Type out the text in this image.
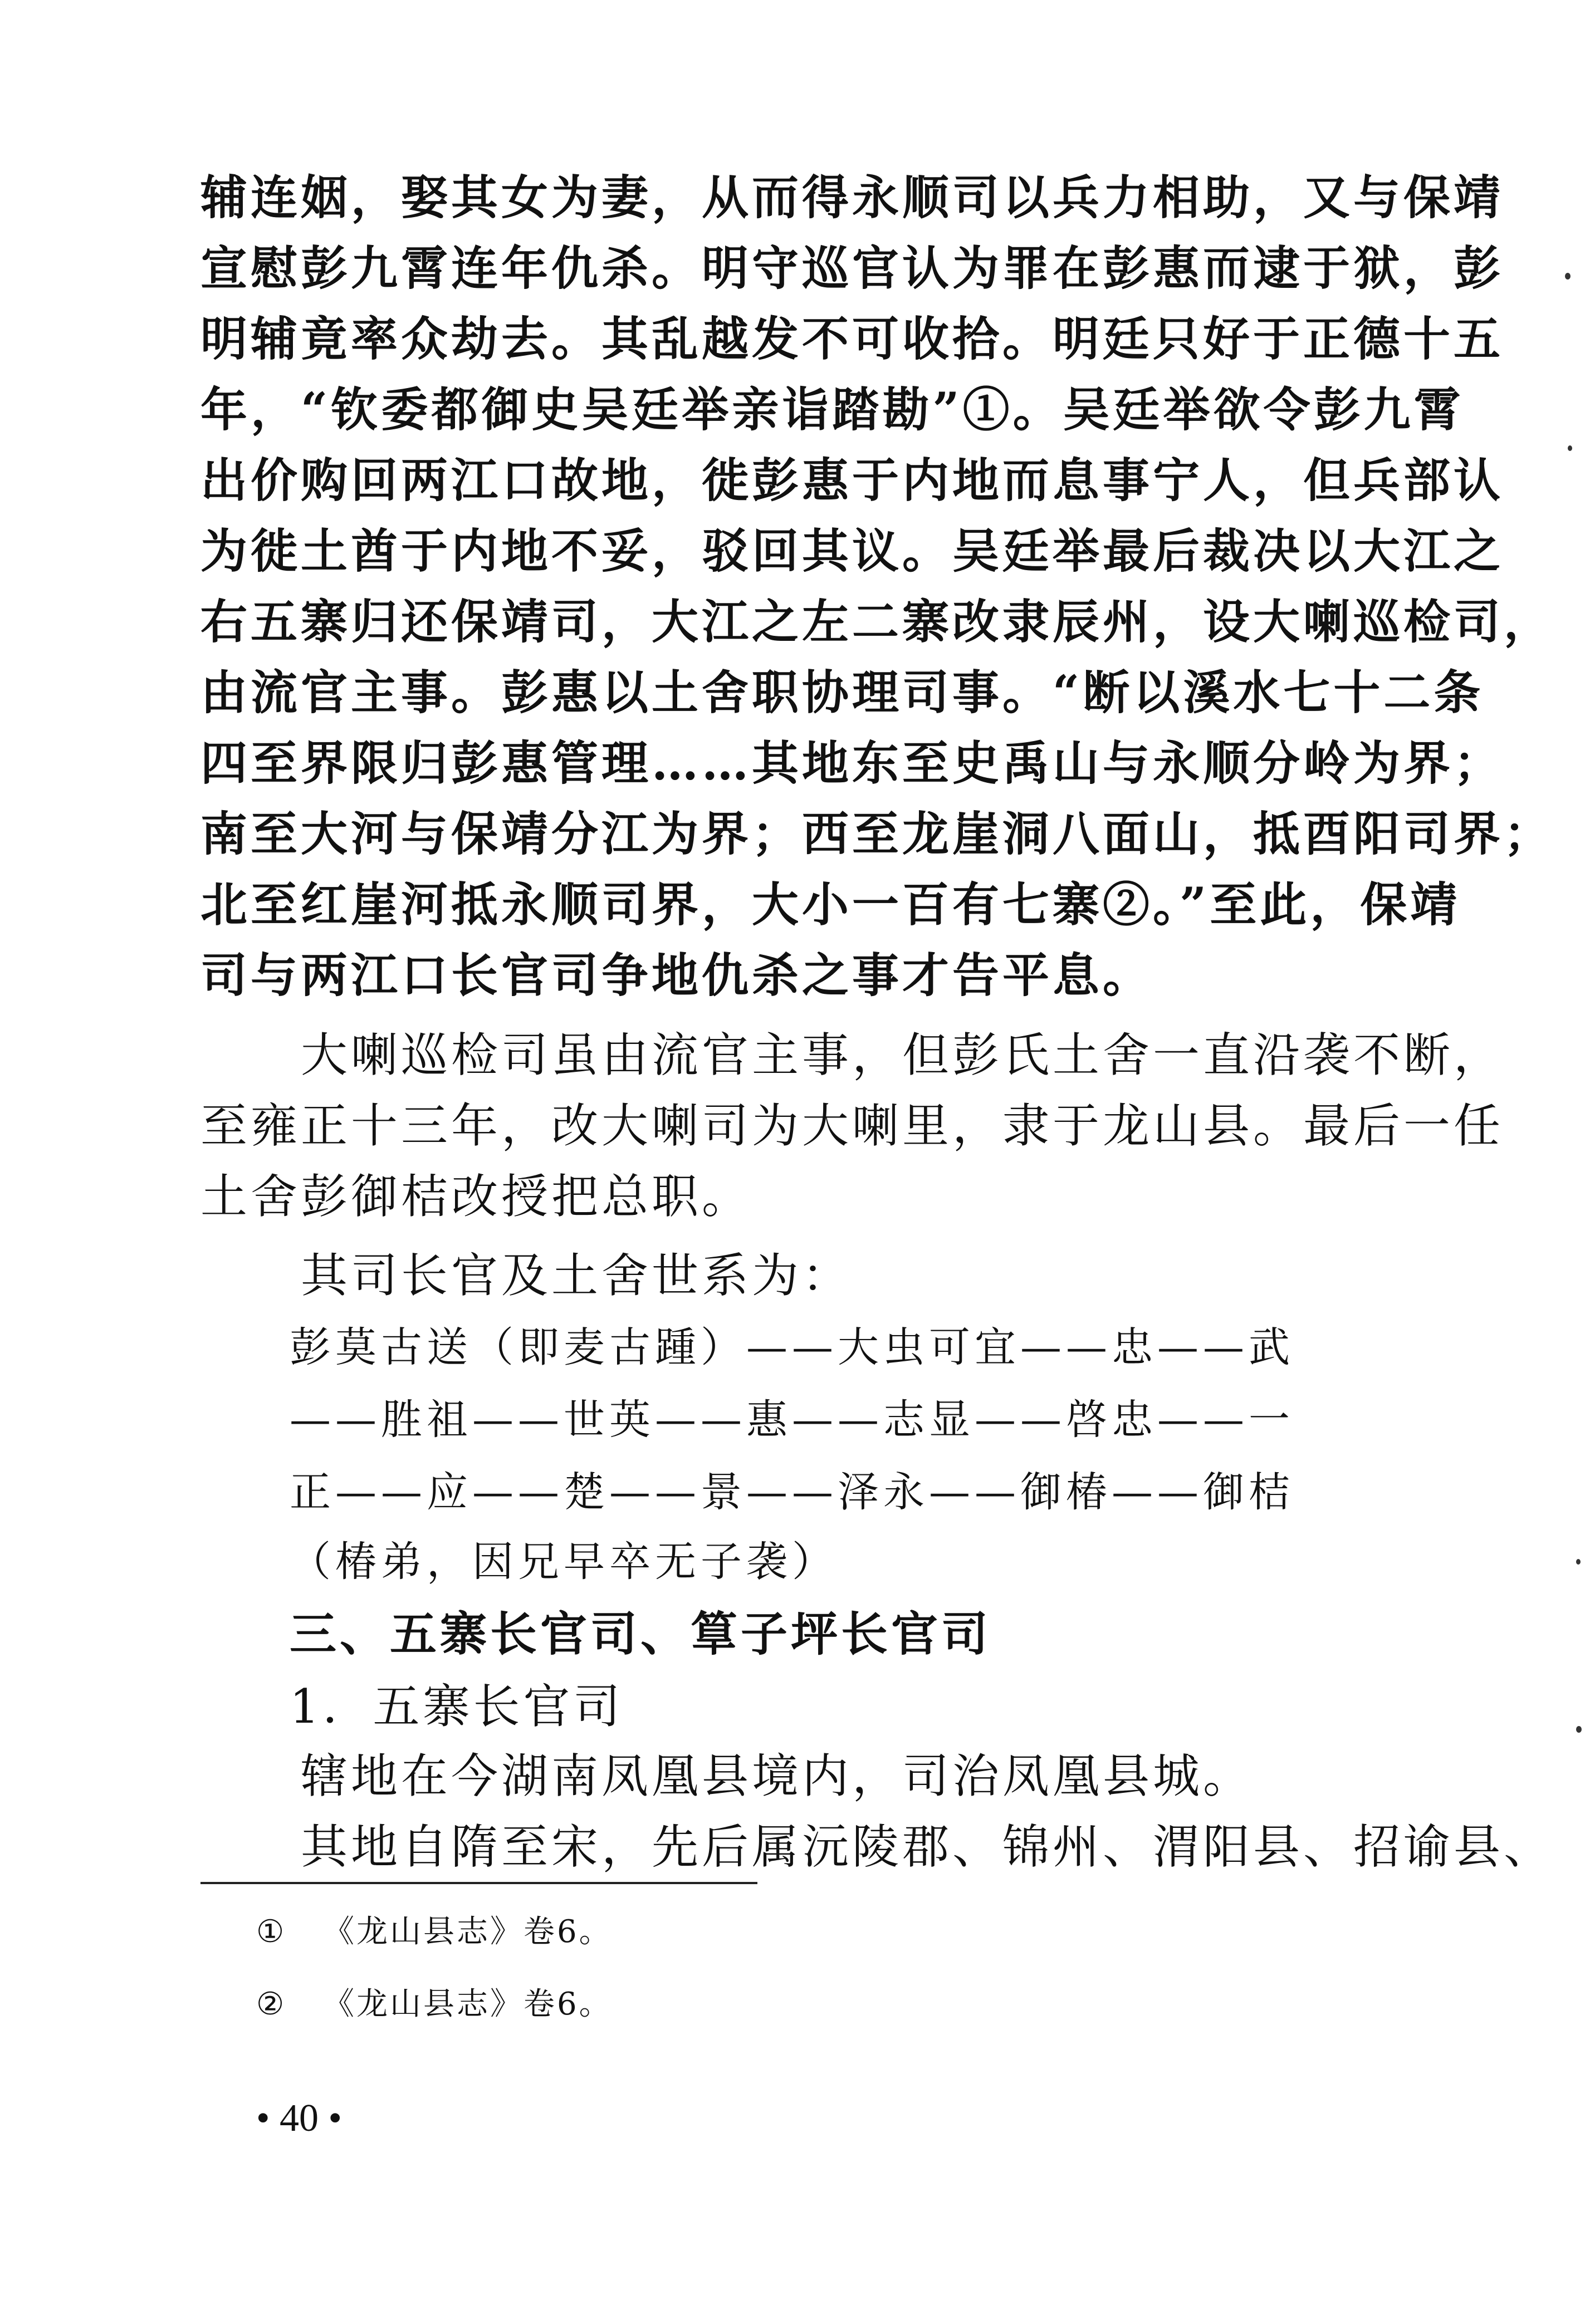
辅连姻，娶其女为妻，从而得永顺司以兵力相助，又与保靖
宣慰彭九霄连年仇杀。明守巡官认为罪在彭惠而逮于狱，彭
明辅竟率众劫去。其乱越发不可收拾。明廷只好于正德十五
年，“钦委都御史吴廷举亲诣踏勘”①。吴廷举欲令彭九霄
出价购回两江口故地，徙彭惠于内地而息事宁人，但兵部认
为徙土酋于内地不妥，驳回其议。吴廷举最后裁决以大江之
右五寨归还保靖司，大江之左二寨改隶辰州，设大喇巡检司，
由流官主事。彭惠以土舍职协理司事。“断以溪水七十二条
四至界限归彭惠管理……其地东至史禹山与永顺分岭为界；
南至大河与保靖分江为界；西至龙崖洞八面山，抵酉阳司界；
北至红崖河抵永顺司界，大小一百有七寨②。”至此，保靖
司与两江口长官司争地仇杀之事才告平息。
　　大喇巡检司虽由流官主事，但彭氏土舍一直沿袭不断，
至雍正十三年，改大喇司为大喇里，隶于龙山县。最后一任
土舍彭御桔改授把总职。
　　其司长官及土舍世系为：
彭莫古送（即麦古踵）——大虫可宜——忠——武
——胜祖——世英——惠——志显——啓忠——一
正——应——楚——景——泽永——御椿——御桔
（椿弟，因兄早卒无子袭）
三、五寨长官司、筸子坪长官司
1．五寨长官司
　　辖地在今湖南凤凰县境内，司治凤凰县城。
　　其地自隋至宋，先后属沅陵郡、锦州、渭阳县、招谕县、
① 《龙山县志》卷6。
② 《龙山县志》卷6。
• 40 •
